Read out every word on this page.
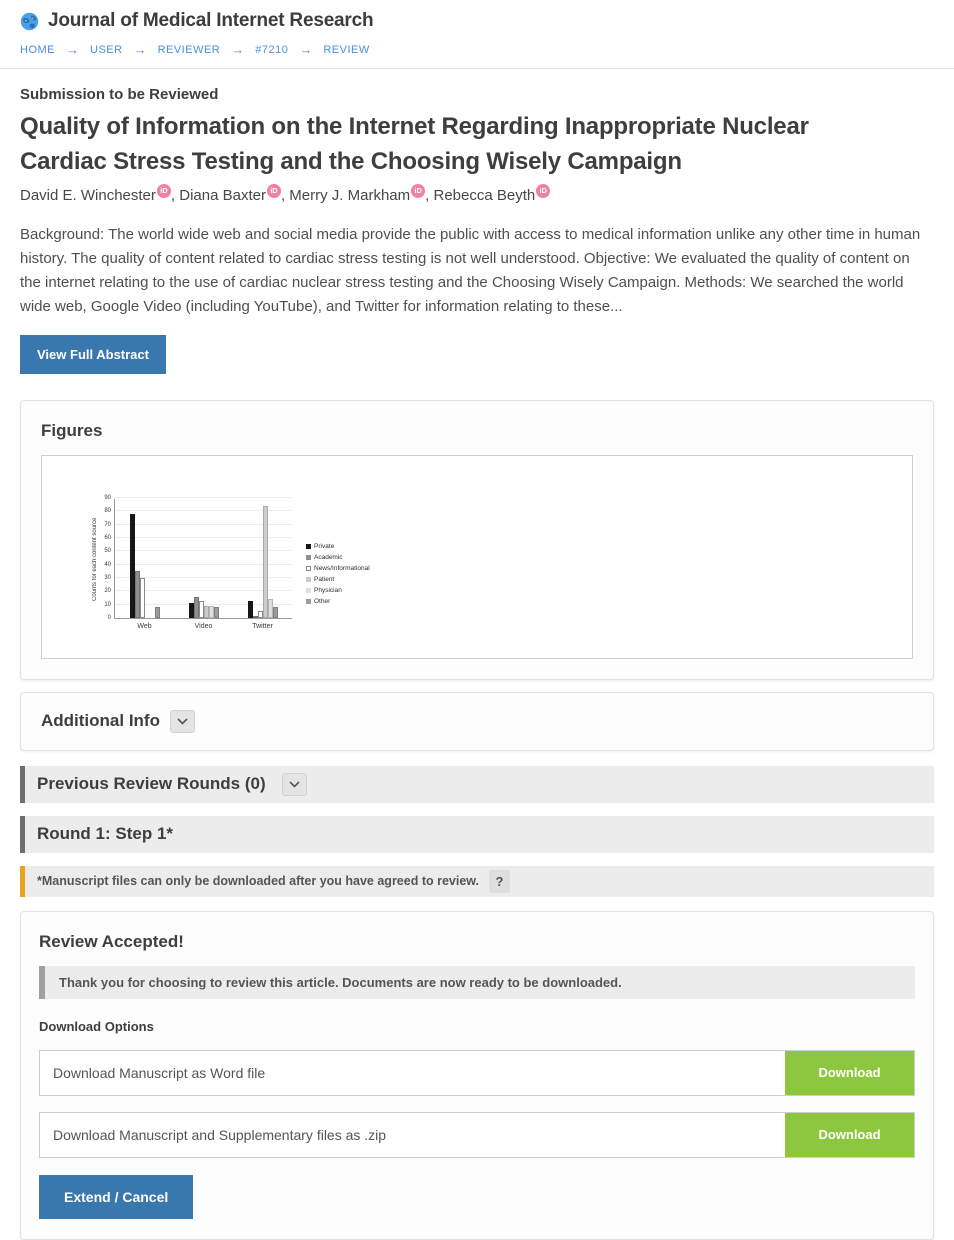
Journal of Medical Internet Research
HOME → USER → REVIEWER → #7210 → REVIEW
Submission to be Reviewed
Quality of Information on the Internet Regarding Inappropriate Nuclear Cardiac Stress Testing and the Choosing Wisely Campaign
David E. Winchester iD , Diana Baxter iD , Merry J. Markham iD , Rebecca Beyth iD

Background: The world wide web and social media provide the public with access to medical information unlike any other time in human history. The quality of content related to cardiac stress testing is not well understood. Objective: We evaluated the quality of content on the internet relating to the use of cardiac nuclear stress testing and the Choosing Wisely Campaign. Methods: We searched the world wide web, Google Video (including YouTube), and Twitter for information relating to these...

View Full Abstract
Figures
Counts for each content source
0
10
20
30
40
50
60
70
80
90
Web	Video	Twitter
Private
Academic
News/Informational
Patient
Physician
Other
Additional Info
Previous Review Rounds (0)
Round 1: Step 1*
*Manuscript files can only be downloaded after you have agreed to review.	?
Review Accepted!
Thank you for choosing to review this article. Documents are now ready to be downloaded.
Download Options
Download Manuscript as Word file	Download
Download Manuscript and Supplementary files as .zip	Download
Extend / Cancel
